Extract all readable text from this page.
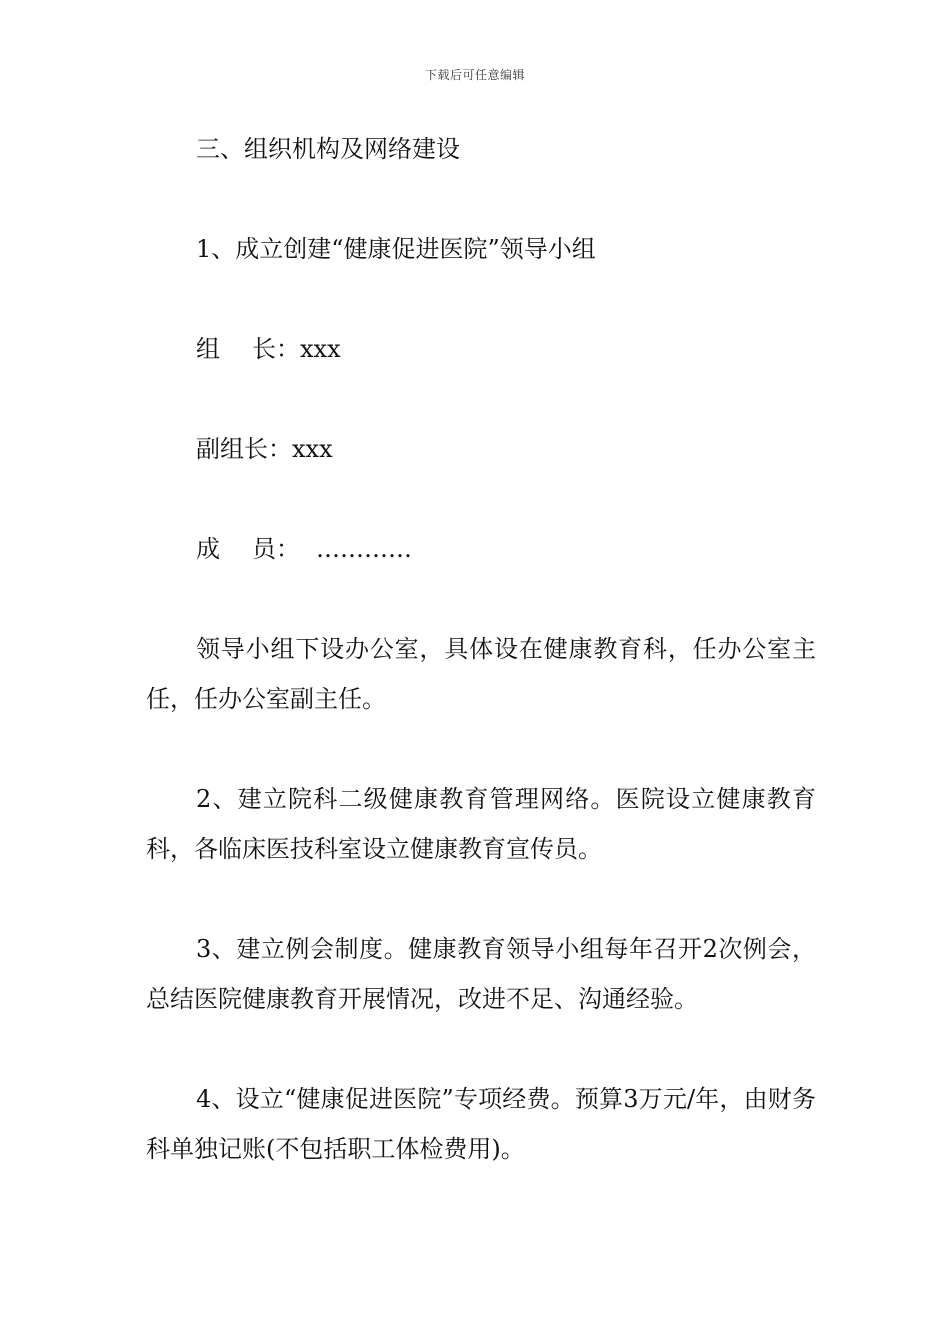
下载后可任意编辑
三、组织机构及网络建设
1、成立创建“健康促进医院”领导小组
组 长：xxx
副组长：xxx
成 员： …………
领导小组下设办公室，具体设在健康教育科，任办公室主任，任办公室副主任。
2、建立院科二级健康教育管理网络。医院设立健康教育科，各临床医技科室设立健康教育宣传员。
3、建立例会制度。健康教育领导小组每年召开2次例会，总结医院健康教育开展情况，改进不足、沟通经验。
4、设立“健康促进医院”专项经费。预算3万元/年，由财务科单独记账(不包括职工体检费用)。
